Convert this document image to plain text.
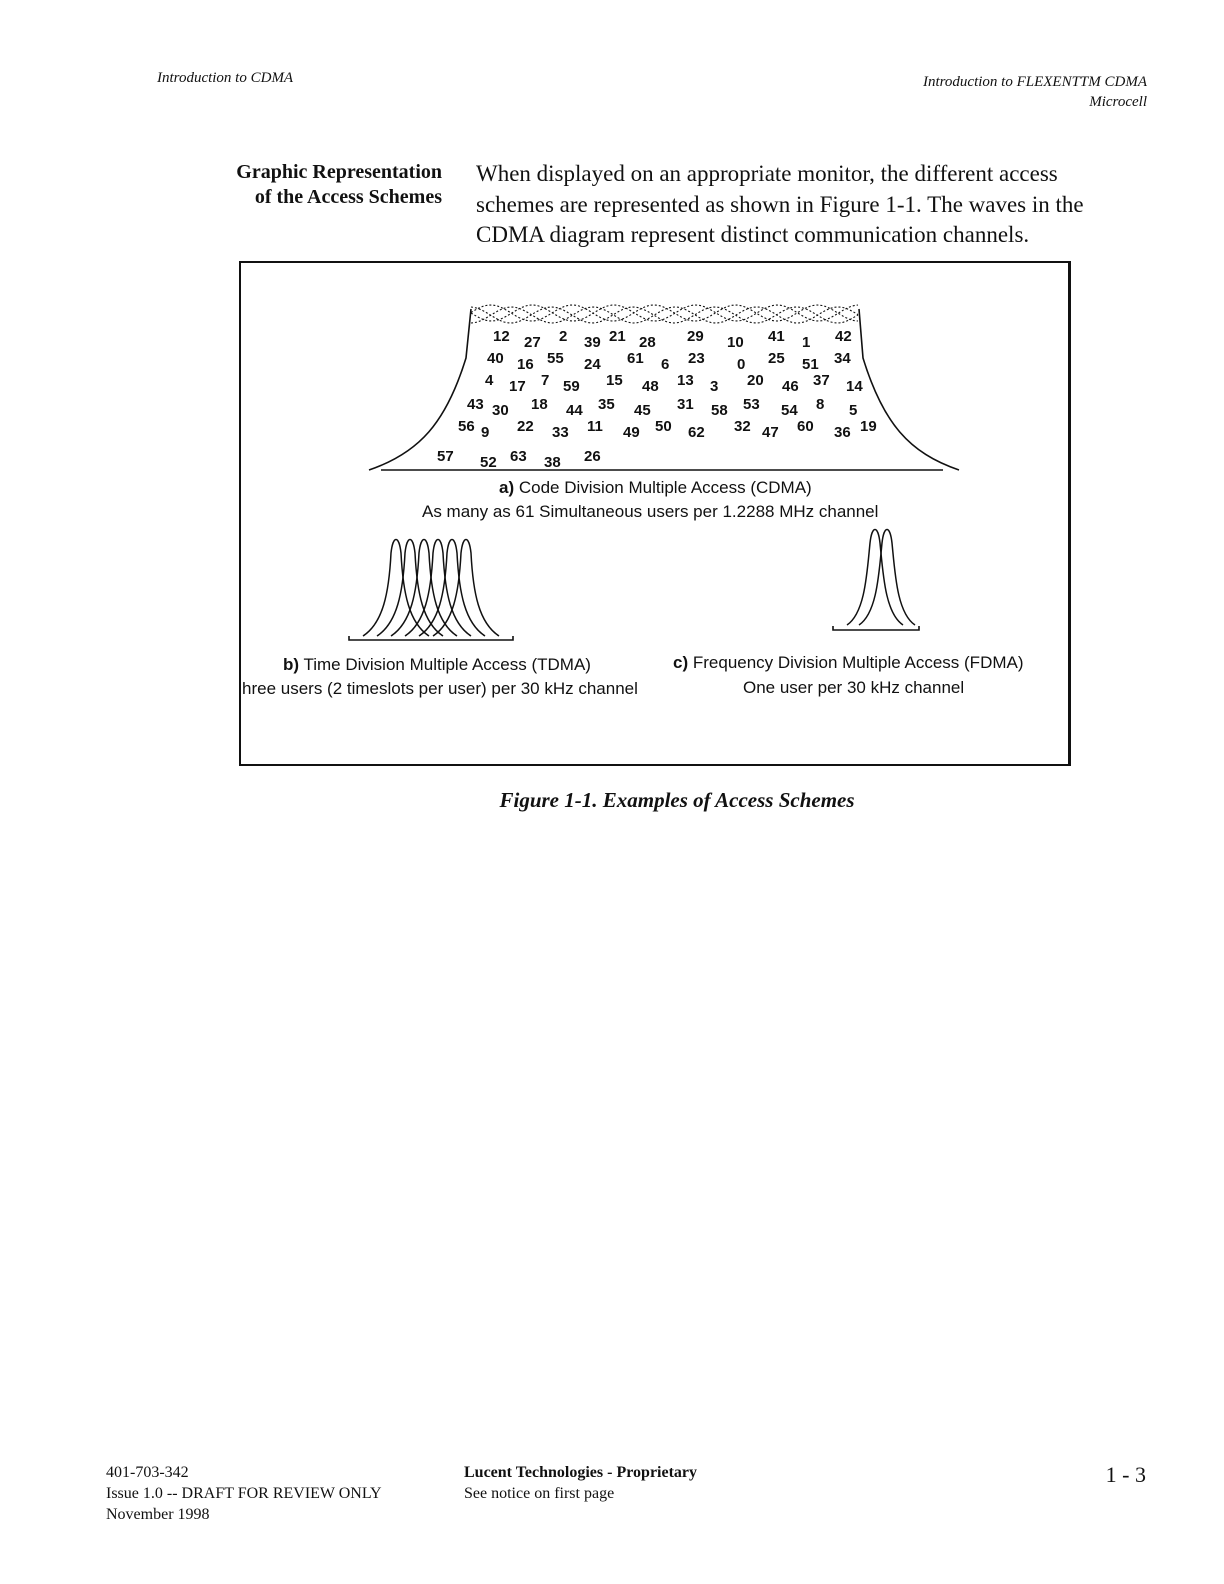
Introduction to CDMA	Introduction to FLEXENTTM CDMA
Microcell
Graphic Representation
of the Access Schemes
When displayed on an appropriate monitor, the different access schemes are represented as shown in Figure 1-1. The waves in the CDMA diagram represent distinct communication channels.
12 27 2 39 21 28 29 10 41 1 42
40 16 55 24 61 6 23 0 25 51 34
4 17 7 59 15 48 13 3 20 46 37 14
43 30 18 44 35 45 31 58 53 54 8 5
56 9 22 33 11 49 50 62 32 47 60 36 19
57 52 63 38 26
a) Code Division Multiple Access (CDMA)
As many as 61 Simultaneous users per 1.2288 MHz channel
b) Time Division Multiple Access (TDMA)
hree users (2 timeslots per user) per 30 kHz channel
c) Frequency Division Multiple Access (FDMA)
One user per 30 kHz channel
Figure 1-1. Examples of Access Schemes
401-703-342
Issue 1.0 -- DRAFT FOR REVIEW ONLY
November 1998
Lucent Technologies - Proprietary
See notice on first page
1 - 3
